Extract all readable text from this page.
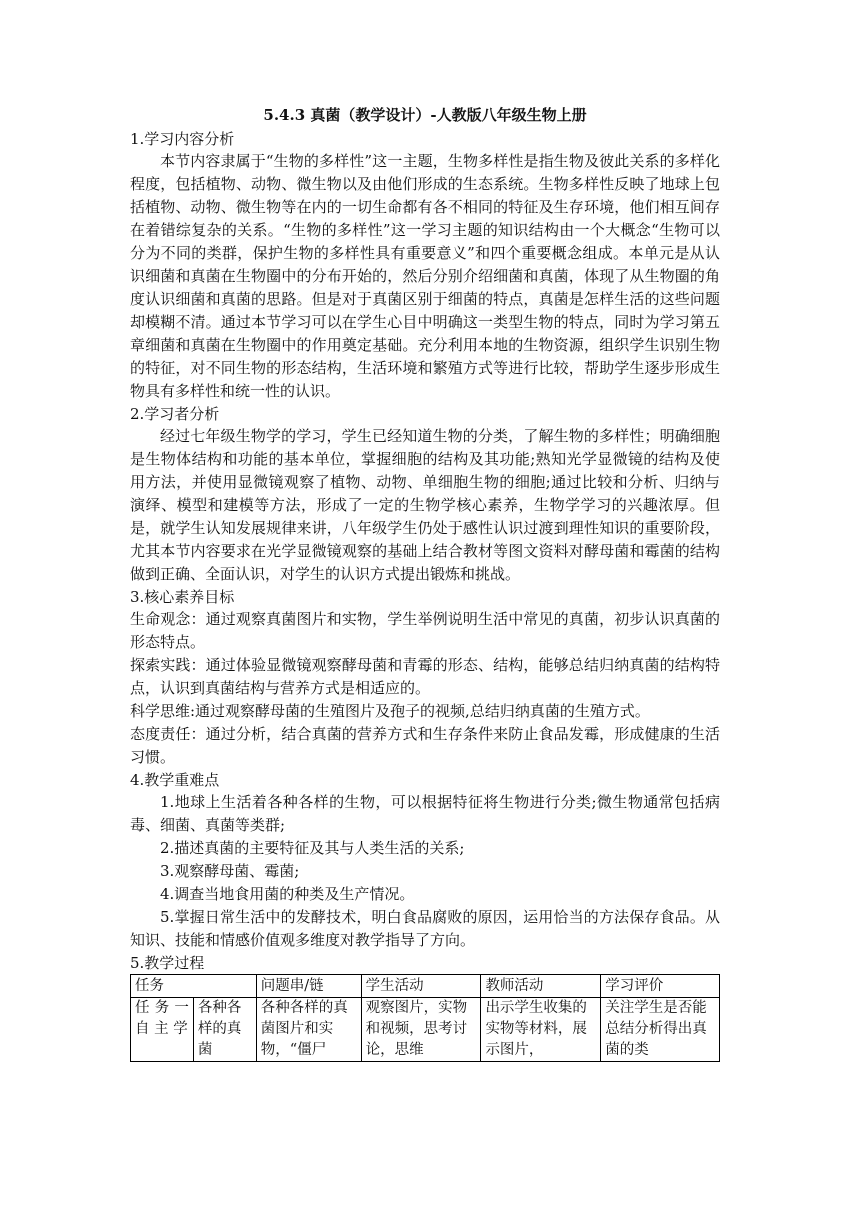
5.4.3 真菌（教学设计）-人教版八年级生物上册

1.学习内容分析

本节内容隶属于“生物的多样性”这一主题，生物多样性是指生物及彼此关系的多样化程度，包括植物、动物、微生物以及由他们形成的生态系统。生物多样性反映了地球上包括植物、动物、微生物等在内的一切生命都有各不相同的特征及生存环境，他们相互间存在着错综复杂的关系。“生物的多样性”这一学习主题的知识结构由一个大概念“生物可以分为不同的类群，保护生物的多样性具有重要意义”和四个重要概念组成。本单元是从认识细菌和真菌在生物圈中的分布开始的，然后分别介绍细菌和真菌，体现了从生物圈的角度认识细菌和真菌的思路。但是对于真菌区别于细菌的特点，真菌是怎样生活的这些问题却模糊不清。通过本节学习可以在学生心目中明确这一类型生物的特点，同时为学习第五章细菌和真菌在生物圈中的作用奠定基础。充分利用本地的生物资源，组织学生识别生物的特征，对不同生物的形态结构，生活环境和繁殖方式等进行比较，帮助学生逐步形成生物具有多样性和统一性的认识。

2.学习者分析

经过七年级生物学的学习，学生已经知道生物的分类，了解生物的多样性；明确细胞是生物体结构和功能的基本单位，掌握细胞的结构及其功能;熟知光学显微镜的结构及使用方法，并使用显微镜观察了植物、动物、单细胞生物的细胞;通过比较和分析、归纳与演绎、模型和建模等方法，形成了一定的生物学核心素养，生物学学习的兴趣浓厚。但是，就学生认知发展规律来讲，八年级学生仍处于感性认识过渡到理性知识的重要阶段，尤其本节内容要求在光学显微镜观察的基础上结合教材等图文资料对酵母菌和霉菌的结构做到正确、全面认识，对学生的认识方式提出锻炼和挑战。

3.核心素养目标

生命观念：通过观察真菌图片和实物，学生举例说明生活中常见的真菌，初步认识真菌的形态特点。

探索实践：通过体验显微镜观察酵母菌和青霉的形态、结构，能够总结归纳真菌的结构特点，认识到真菌结构与营养方式是相适应的。

科学思维:通过观察酵母菌的生殖图片及孢子的视频,总结归纳真菌的生殖方式。

态度责任：通过分析，结合真菌的营养方式和生存条件来防止食品发霉，形成健康的生活习惯。

4.教学重难点

1.地球上生活着各种各样的生物，可以根据特征将生物进行分类;微生物通常包括病毒、细菌、真菌等类群;

2.描述真菌的主要特征及其与人类生活的关系;

3.观察酵母菌、霉菌;

4.调查当地食用菌的种类及生产情况。

5.掌握日常生活中的发酵技术，明白食品腐败的原因，运用恰当的方法保存食品。从知识、技能和情感价值观多维度对教学指导了方向。

5.教学过程

任务		问题串/链	学生活动	教师活动	学习评价
任 务 一 自 主 学	各种各样的真菌	各种各样的真菌图片和实物，“僵尸	观察图片，实物和视频，思考讨论，思维	出示学生收集的实物等材料，展示图片，	关注学生是否能总结分析得出真菌的类
